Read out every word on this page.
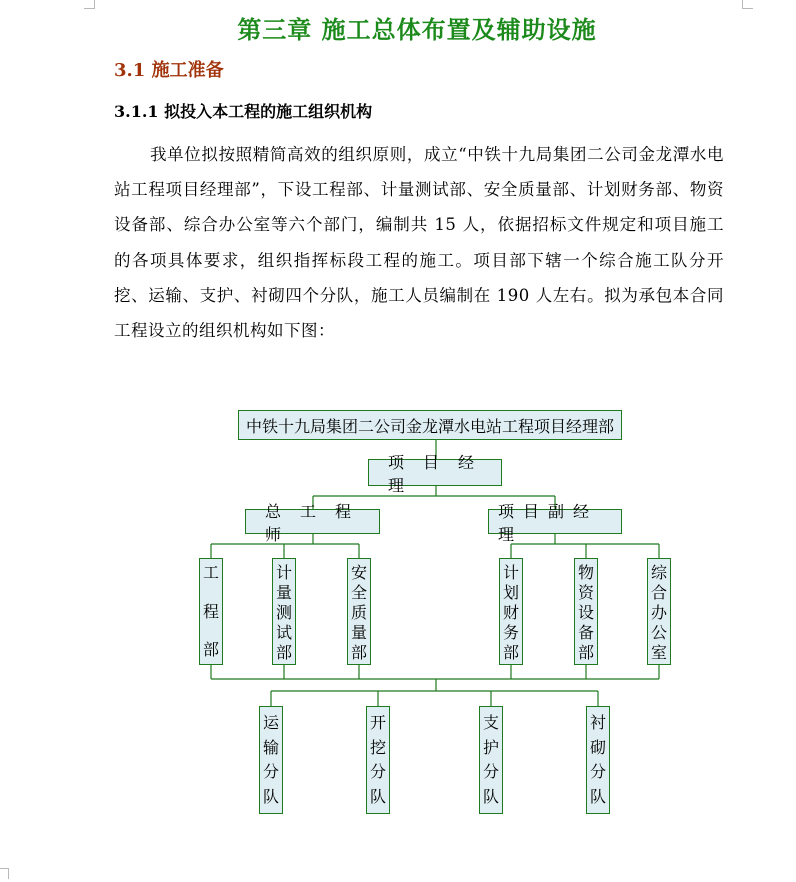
第三章 施工总体布置及辅助设施
3.1 施工准备
3.1.1 拟投入本工程的施工组织机构
我单位拟按照精简高效的组织原则，成立“中铁十九局集团二公司金龙潭水电站工程项目经理部”，下设工程部、计量测试部、安全质量部、计划财务部、物资设备部、综合办公室等六个部门，编制共 15 人，依据招标文件规定和项目施工的各项具体要求，组织指挥标段工程的施工。项目部下辖一个综合施工队分开挖、运输、支护、衬砌四个分队，施工人员编制在 190 人左右。拟为承包本合同工程设立的组织机构如下图：
中铁十九局集团二公司金龙潭水电站工程项目经理部
项目经理
总工程师
项目副经理
工
程
部
计
量
测
试
部
安
全
质
量
部
计
划
财
务
部
物
资
设
备
部
综
合
办
公
室
运
输
分
队
开
挖
分
队
支
护
分
队
衬
砌
分
队
